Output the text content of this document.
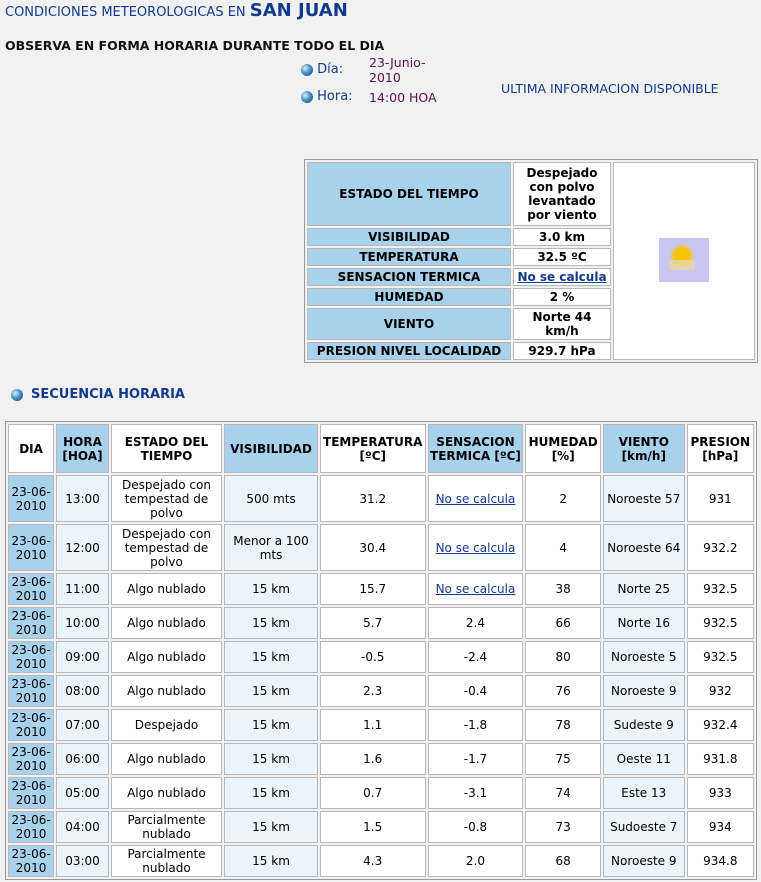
CONDICIONES METEOROLOGICAS EN SAN JUAN
OBSERVA EN FORMA HORARIA DURANTE TODO EL DIA
Día: 23-Junio-2010
Hora: 14:00 HOA
ULTIMA INFORMACION DISPONIBLE
ESTADO DEL TIEMPO	Despejado con polvo levantado por viento	

VISIBILIDAD	3.0 km	
TEMPERATURA	32.5 ºC	
SENSACION TERMICA	No se calcula	
HUMEDAD	2 %	
VIENTO	Norte 44 km/h	
PRESION NIVEL LOCALIDAD	929.7 hPa	
SECUENCIA HORARIA
DIA	HORA [HOA]	ESTADO DEL TIEMPO	VISIBILIDAD	TEMPERATURA [ºC]	SENSACION TERMICA [ºC]	HUMEDAD [%]	VIENTO [km/h]	PRESION [hPa]
23-06-2010	13:00	Despejado con tempestad de polvo	500 mts	31.2	No se calcula	2	Noroeste 57	931
23-06-2010	12:00	Despejado con tempestad de polvo	Menor a 100 mts	30.4	No se calcula	4	Noroeste 64	932.2
23-06-2010	11:00	Algo nublado	15 km	15.7	No se calcula	38	Norte 25	932.5
23-06-2010	10:00	Algo nublado	15 km	5.7	2.4	66	Norte 16	932.5
23-06-2010	09:00	Algo nublado	15 km	-0.5	-2.4	80	Noroeste 5	932.5
23-06-2010	08:00	Algo nublado	15 km	2.3	-0.4	76	Noroeste 9	932
23-06-2010	07:00	Despejado	15 km	1.1	-1.8	78	Sudeste 9	932.4
23-06-2010	06:00	Algo nublado	15 km	1.6	-1.7	75	Oeste 11	931.8
23-06-2010	05:00	Algo nublado	15 km	0.7	-3.1	74	Este 13	933
23-06-2010	04:00	Parcialmente nublado	15 km	1.5	-0.8	73	Sudoeste 7	934
23-06-2010	03:00	Parcialmente nublado	15 km	4.3	2.0	68	Noroeste 9	934.8
